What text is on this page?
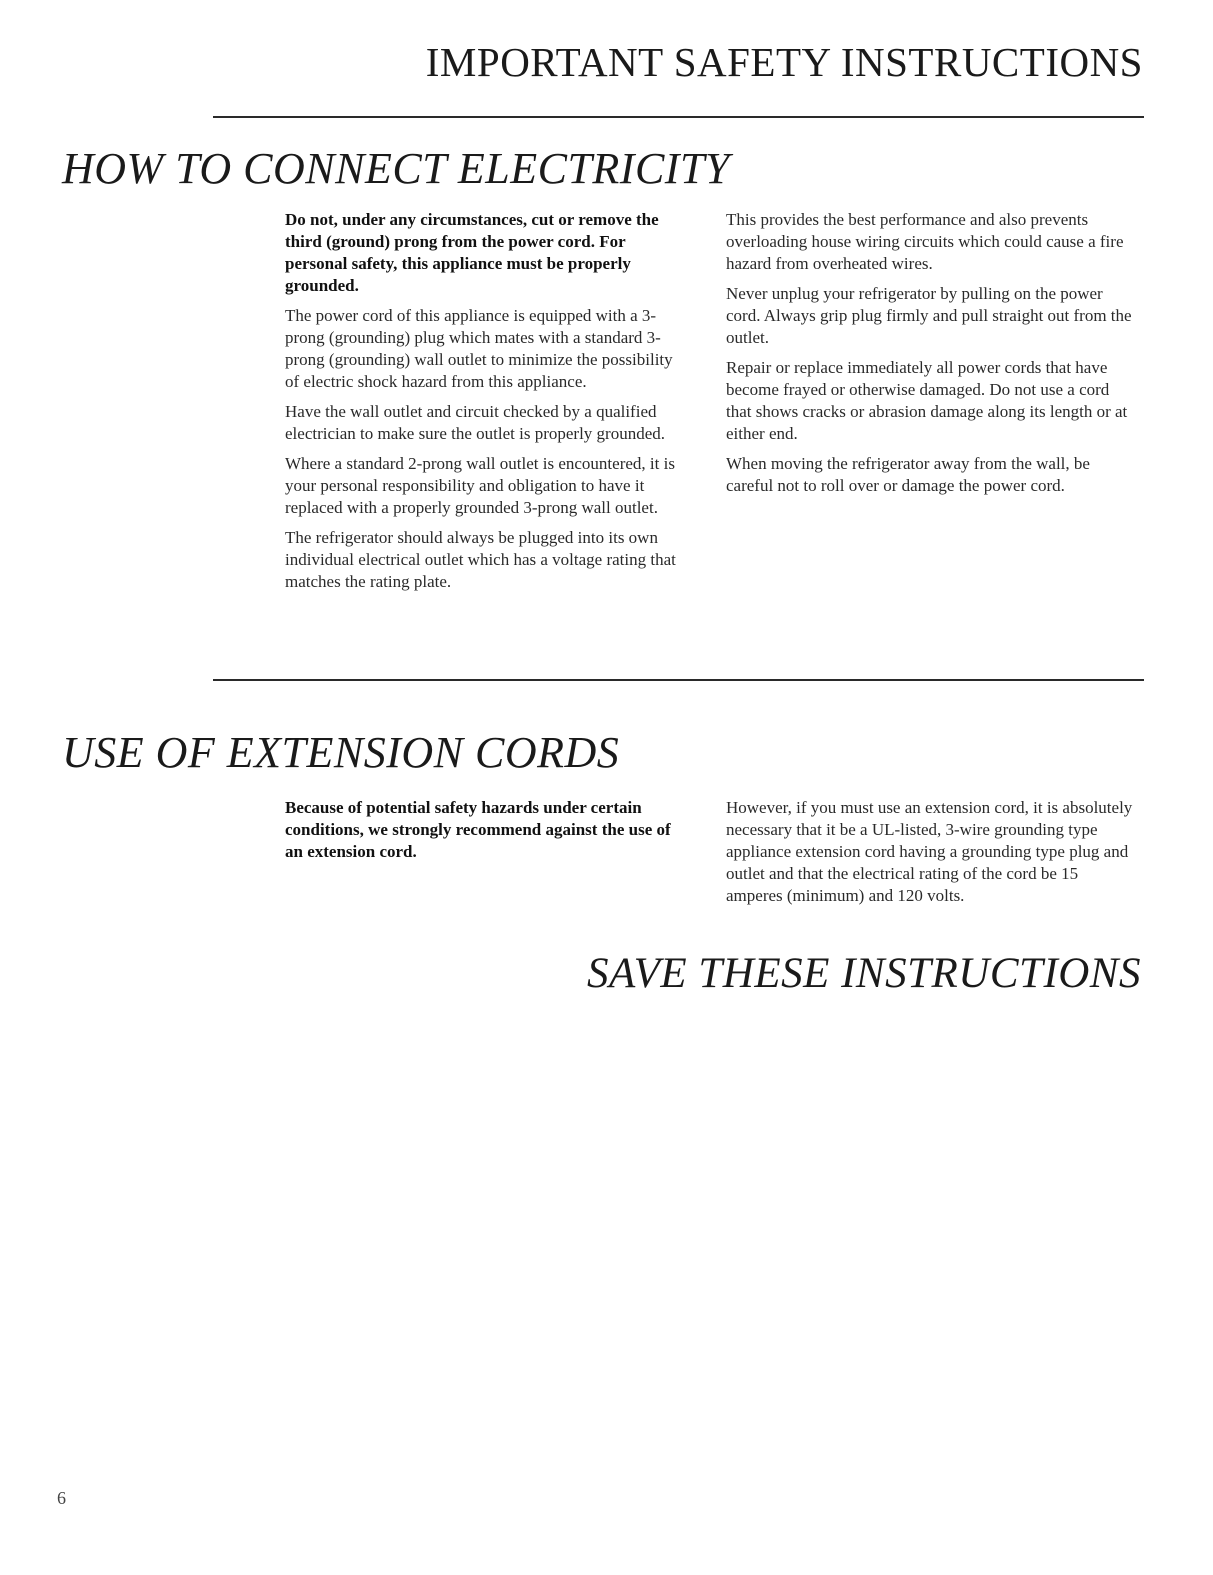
IMPORTANT SAFETY INSTRUCTIONS
HOW TO CONNECT ELECTRICITY

Do not, under any circumstances, cut or remove the third (ground) prong from the power cord. For personal safety, this appliance must be properly grounded.

The power cord of this appliance is equipped with a 3-prong (grounding) plug which mates with a standard 3-prong (grounding) wall outlet to minimize the possibility of electric shock hazard from this appliance.

Have the wall outlet and circuit checked by a qualified electrician to make sure the outlet is properly grounded.

Where a standard 2-prong wall outlet is encountered, it is your personal responsibility and obligation to have it replaced with a properly grounded 3-prong wall outlet.

The refrigerator should always be plugged into its own individual electrical outlet which has a voltage rating that matches the rating plate.

This provides the best performance and also prevents overloading house wiring circuits which could cause a fire hazard from overheated wires.

Never unplug your refrigerator by pulling on the power cord. Always grip plug firmly and pull straight out from the outlet.

Repair or replace immediately all power cords that have become frayed or otherwise damaged. Do not use a cord that shows cracks or abrasion damage along its length or at either end.

When moving the refrigerator away from the wall, be careful not to roll over or damage the power cord.

USE OF EXTENSION CORDS

Because of potential safety hazards under certain conditions, we strongly recommend against the use of an extension cord.

However, if you must use an extension cord, it is absolutely necessary that it be a UL-listed, 3-wire grounding type appliance extension cord having a grounding type plug and outlet and that the electrical rating of the cord be 15 amperes (minimum) and 120 volts.

SAVE THESE INSTRUCTIONS
6
